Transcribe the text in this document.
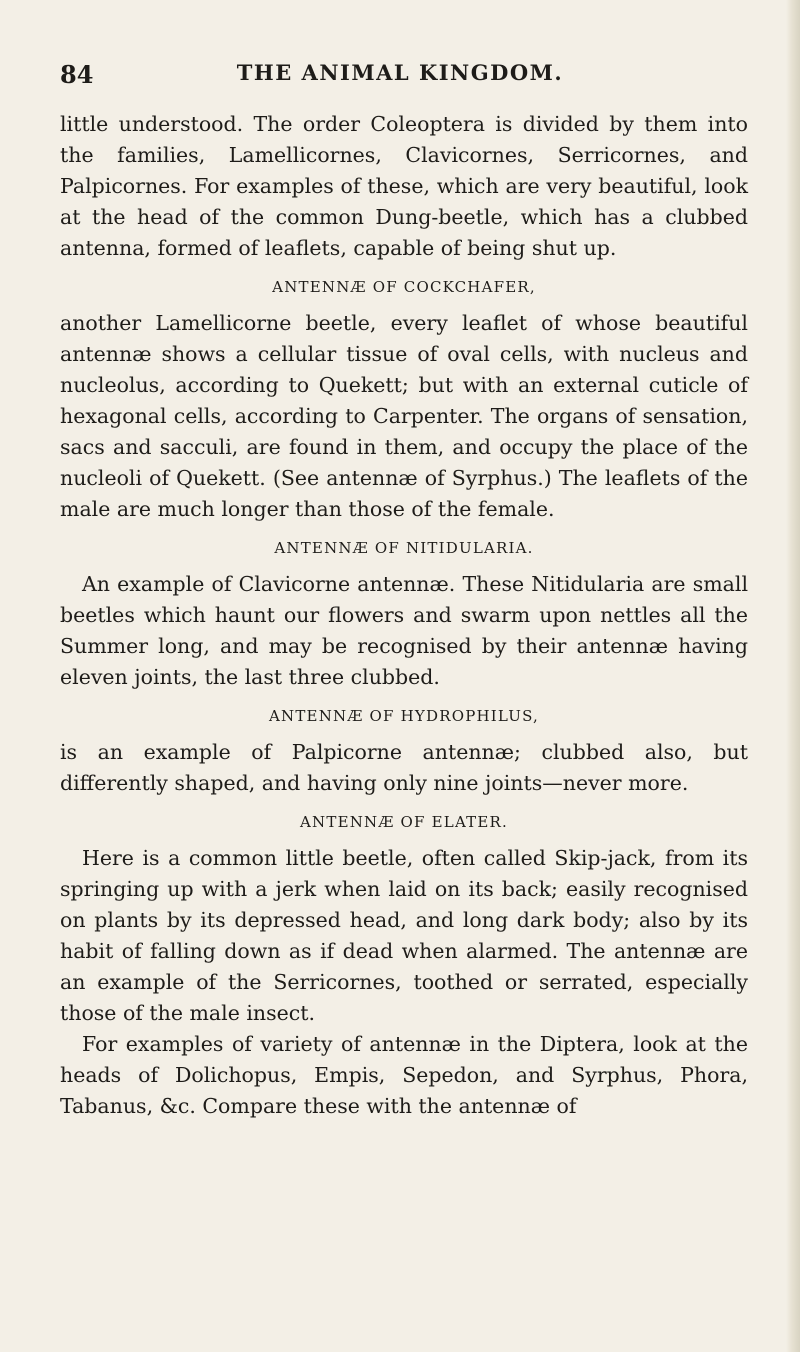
84	THE ANIMAL KINGDOM.

little understood. The order Coleoptera is divided by them into the families, Lamellicornes, Clavicornes, Serricornes, and Palpicornes. For examples of these, which are very beautiful, look at the head of the common Dung-beetle, which has a clubbed antenna, formed of leaflets, capable of being shut up.

ANTENNÆ OF COCKCHAFER,

another Lamellicorne beetle, every leaflet of whose beautiful antennæ shows a cellular tissue of oval cells, with nucleus and nucleolus, according to Quekett; but with an external cuticle of hexagonal cells, according to Carpenter. The organs of sensation, sacs and sacculi, are found in them, and occupy the place of the nucleoli of Quekett. (See antennæ of Syrphus.) The leaflets of the male are much longer than those of the female.

ANTENNÆ OF NITIDULARIA.

An example of Clavicorne antennæ. These Nitidularia are small beetles which haunt our flowers and swarm upon nettles all the Summer long, and may be recognised by their antennæ having eleven joints, the last three clubbed.

ANTENNÆ OF HYDROPHILUS,

is an example of Palpicorne antennæ; clubbed also, but differently shaped, and having only nine joints—never more.

ANTENNÆ OF ELATER.

Here is a common little beetle, often called Skip-jack, from its springing up with a jerk when laid on its back; easily recognised on plants by its depressed head, and long dark body; also by its habit of falling down as if dead when alarmed. The antennæ are an example of the Serricornes, toothed or serrated, especially those of the male insect.

For examples of variety of antennæ in the Diptera, look at the heads of Dolichopus, Empis, Sepedon, and Syrphus, Phora, Tabanus, &c. Compare these with the antennæ of
